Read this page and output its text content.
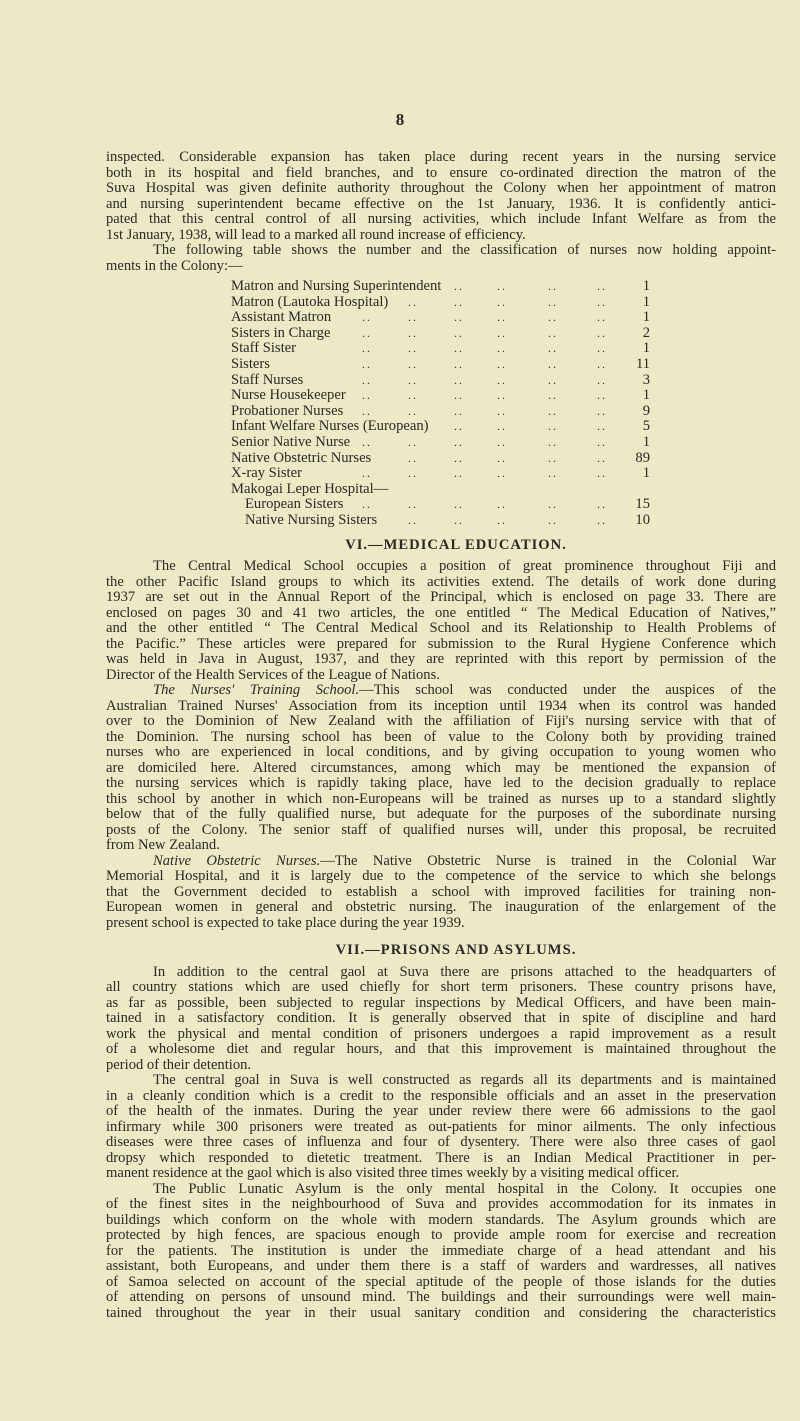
8
inspected. Considerable expansion has taken place during recent years in the nursing service
both in its hospital and field branches, and to ensure co-ordinated direction the matron of the
Suva Hospital was given definite authority throughout the Colony when her appointment of matron
and nursing superintendent became effective on the 1st January, 1936. It is confidently antici-
pated that this central control of all nursing activities, which include Infant Welfare as from the
1st January, 1938, will lead to a marked all round increase of efficiency.
The following table shows the number and the classification of nurses now holding appoint-
ments in the Colony:—
Matron and Nursing Superintendent	1
..	..	..	..
Matron (Lautoka Hospital)	1
..	..	..	..	..
Assistant Matron	1
..	..	..	..	..	..
Sisters in Charge	2
..	..	..	..	..	..
Staff Sister	1
..	..	..	..	..	..
Sisters	11
..	..	..	..	..	..
Staff Nurses	3
..	..	..	..	..	..
Nurse Housekeeper	1
..	..	..	..	..	..
Probationer Nurses	9
..	..	..	..	..	..
Infant Welfare Nurses (European)	5
..	..	..	..
Senior Native Nurse	1
..	..	..	..	..	..
Native Obstetric Nurses	89
..	..	..	..	..
X-ray Sister	1
..	..	..	..	..	..
Makogai Leper Hospital—
European Sisters	15
..	..	..	..	..	..
Native Nursing Sisters	10
..	..	..	..	..
VI.—MEDICAL EDUCATION.
The Central Medical School occupies a position of great prominence throughout Fiji and
the other Pacific Island groups to which its activities extend. The details of work done during
1937 are set out in the Annual Report of the Principal, which is enclosed on page 33. There are
enclosed on pages 30 and 41 two articles, the one entitled “ The Medical Education of Natives,”
and the other entitled “ The Central Medical School and its Relationship to Health Problems of
the Pacific.” These articles were prepared for submission to the Rural Hygiene Conference which
was held in Java in August, 1937, and they are reprinted with this report by permission of the
Director of the Health Services of the League of Nations.
The Nurses' Training School.—This school was conducted under the auspices of the
Australian Trained Nurses' Association from its inception until 1934 when its control was handed
over to the Dominion of New Zealand with the affiliation of Fiji's nursing service with that of
the Dominion. The nursing school has been of value to the Colony both by providing trained
nurses who are experienced in local conditions, and by giving occupation to young women who
are domiciled here. Altered circumstances, among which may be mentioned the expansion of
the nursing services which is rapidly taking place, have led to the decision gradually to replace
this school by another in which non-Europeans will be trained as nurses up to a standard slightly
below that of the fully qualified nurse, but adequate for the purposes of the subordinate nursing
posts of the Colony. The senior staff of qualified nurses will, under this proposal, be recruited
from New Zealand.
Native Obstetric Nurses.—The Native Obstetric Nurse is trained in the Colonial War
Memorial Hospital, and it is largely due to the competence of the service to which she belongs
that the Government decided to establish a school with improved facilities for training non-
European women in general and obstetric nursing. The inauguration of the enlargement of the
present school is expected to take place during the year 1939.
VII.—PRISONS AND ASYLUMS.
In addition to the central gaol at Suva there are prisons attached to the headquarters of
all country stations which are used chiefly for short term prisoners. These country prisons have,
as far as possible, been subjected to regular inspections by Medical Officers, and have been main-
tained in a satisfactory condition. It is generally observed that in spite of discipline and hard
work the physical and mental condition of prisoners undergoes a rapid improvement as a result
of a wholesome diet and regular hours, and that this improvement is maintained throughout the
period of their detention.
The central goal in Suva is well constructed as regards all its departments and is maintained
in a cleanly condition which is a credit to the responsible officials and an asset in the preservation
of the health of the inmates. During the year under review there were 66 admissions to the gaol
infirmary while 300 prisoners were treated as out-patients for minor ailments. The only infectious
diseases were three cases of influenza and four of dysentery. There were also three cases of gaol
dropsy which responded to dietetic treatment. There is an Indian Medical Practitioner in per-
manent residence at the gaol which is also visited three times weekly by a visiting medical officer.
The Public Lunatic Asylum is the only mental hospital in the Colony. It occupies one
of the finest sites in the neighbourhood of Suva and provides accommodation for its inmates in
buildings which conform on the whole with modern standards. The Asylum grounds which are
protected by high fences, are spacious enough to provide ample room for exercise and recreation
for the patients. The institution is under the immediate charge of a head attendant and his
assistant, both Europeans, and under them there is a staff of warders and wardresses, all natives
of Samoa selected on account of the special aptitude of the people of those islands for the duties
of attending on persons of unsound mind. The buildings and their surroundings were well main-
tained throughout the year in their usual sanitary condition and considering the characteristics
